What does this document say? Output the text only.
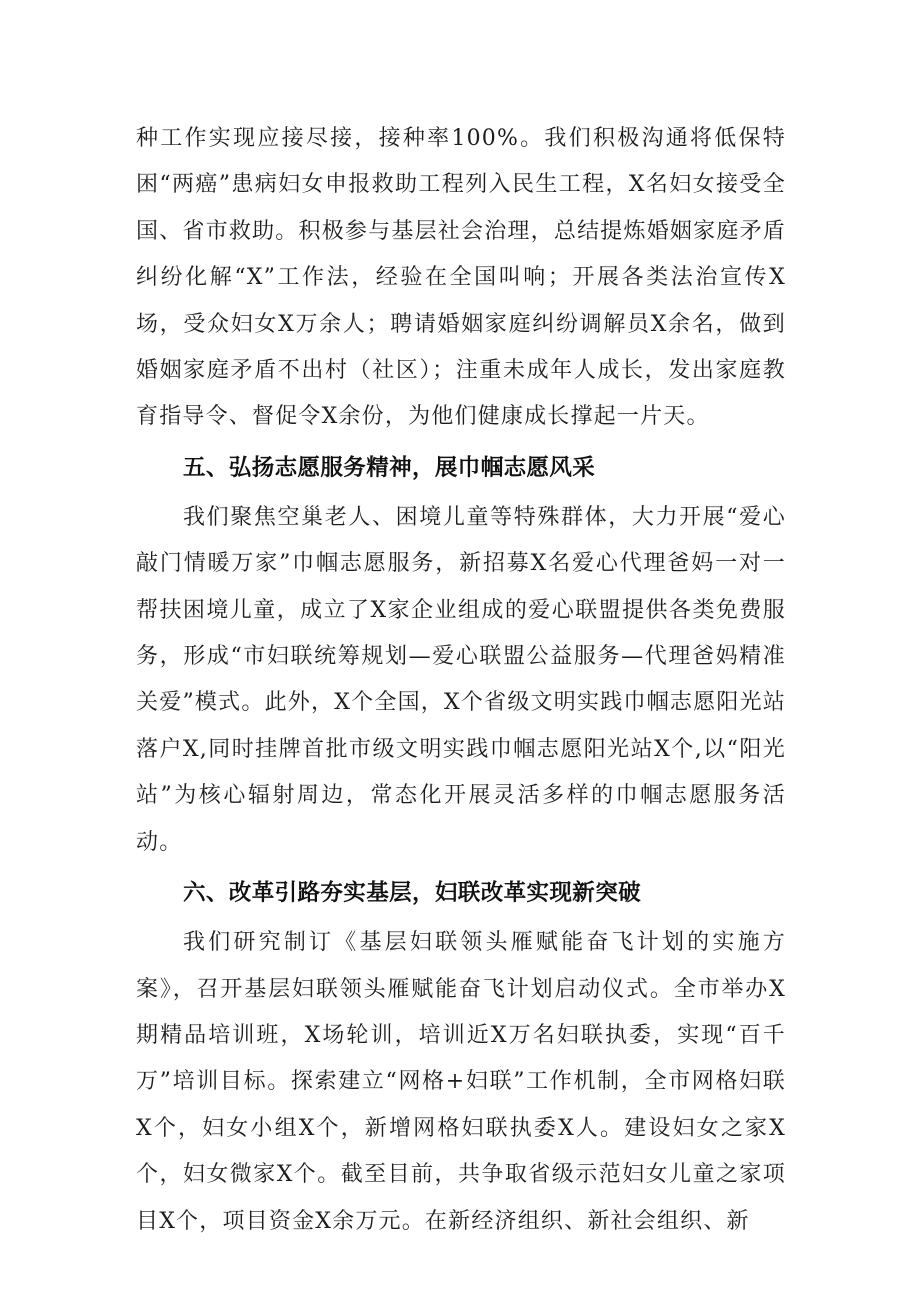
种工作实现应接尽接，接种率100%。我们积极沟通将低保特困“两癌”患病妇女申报救助工程列入民生工程，X名妇女接受全国、省市救助。积极参与基层社会治理，总结提炼婚姻家庭矛盾纠纷化解“X”工作法，经验在全国叫响；开展各类法治宣传X场，受众妇女X万余人；聘请婚姻家庭纠纷调解员X余名，做到婚姻家庭矛盾不出村（社区）；注重未成年人成长，发出家庭教育指导令、督促令X余份，为他们健康成长撑起一片天。

五、弘扬志愿服务精神，展巾帼志愿风采

我们聚焦空巢老人、困境儿童等特殊群体，大力开展“爱心敲门情暖万家”巾帼志愿服务，新招募X名爱心代理爸妈一对一帮扶困境儿童，成立了X家企业组成的爱心联盟提供各类免费服务，形成“市妇联统筹规划—爱心联盟公益服务—代理爸妈精准关爱”模式。此外，X个全国，X个省级文明实践巾帼志愿阳光站落户X,同时挂牌首批市级文明实践巾帼志愿阳光站X个,以“阳光站”为核心辐射周边，常态化开展灵活多样的巾帼志愿服务活动。

六、改革引路夯实基层，妇联改革实现新突破

我们研究制订《基层妇联领头雁赋能奋飞计划的实施方案》，召开基层妇联领头雁赋能奋飞计划启动仪式。全市举办X期精品培训班，X场轮训，培训近X万名妇联执委，实现“百千万”培训目标。探索建立“网格+妇联”工作机制，全市网格妇联X个，妇女小组X个，新增网格妇联执委X人。建设妇女之家X个，妇女微家X个。截至目前，共争取省级示范妇女儿童之家项目X个，项目资金X余万元。在新经济组织、新社会组织、新
